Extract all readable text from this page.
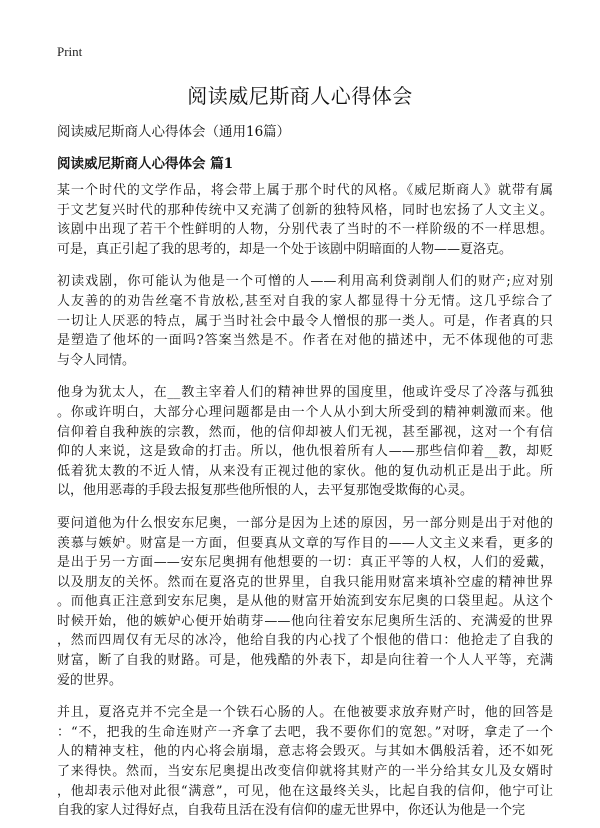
Print
阅读威尼斯商人心得体会
阅读威尼斯商人心得体会（通用16篇）
阅读威尼斯商人心得体会 篇1

某一个时代的文学作品，将会带上属于那个时代的风格。《威尼斯商人》就带有属
于文艺复兴时代的那种传统中又充满了创新的独特风格，同时也宏扬了人文主义。
该剧中出现了若干个性鲜明的人物，分别代表了当时的不一样阶级的不一样思想。
可是，真正引起了我的思考的，却是一个处于该剧中阴暗面的人物——夏洛克。

初读戏剧，你可能认为他是一个可憎的人——利用高利贷剥削人们的财产;应对别
人友善的的劝告丝毫不肯放松,甚至对自我的家人都显得十分无情。这几乎综合了
一切让人厌恶的特点，属于当时社会中最令人憎恨的那一类人。可是，作者真的只
是塑造了他坏的一面吗?答案当然是不。作者在对他的描述中，无不体现他的可悲
与令人同情。

他身为犹太人，在__教主宰着人们的精神世界的国度里，他或许受尽了冷落与孤独
。你或许明白，大部分心理问题都是由一个人从小到大所受到的精神刺激而来。他
信仰着自我种族的宗教，然而，他的信仰却被人们无视，甚至鄙视，这对一个有信
仰的人来说，这是致命的打击。所以，他仇恨着所有人——那些信仰着__教，却贬
低着犹太教的不近人情，从来没有正视过他的家伙。他的复仇动机正是出于此。所
以，他用恶毒的手段去报复那些他所恨的人，去平复那饱受欺侮的心灵。

要问道他为什么恨安东尼奥，一部分是因为上述的原因，另一部分则是出于对他的
羡慕与嫉妒。财富是一方面，但要真从文章的写作目的——人文主义来看，更多的
是出于另一方面——安东尼奥拥有他想要的一切：真正平等的人权，人们的爱戴，
以及朋友的关怀。然而在夏洛克的世界里，自我只能用财富来填补空虚的精神世界
。而他真正注意到安东尼奥，是从他的财富开始流到安东尼奥的口袋里起。从这个
时候开始，他的嫉妒心便开始萌芽——他向往着安东尼奥所生活的、充满爱的世界
，然而四周仅有无尽的冰冷，他给自我的内心找了个恨他的借口：他抢走了自我的
财富，断了自我的财路。可是，他残酷的外表下，却是向往着一个人人平等，充满
爱的世界。

并且，夏洛克并不完全是一个铁石心肠的人。在他被要求放弃财产时，他的回答是
：“不，把我的生命连财产一齐拿了去吧，我不要你们的宽恕。”对呀，拿走了一个
人的精神支柱，他的内心将会崩塌，意志将会毁灭。与其如木偶般活着，还不如死
了来得快。然而，当安东尼奥提出改变信仰就将其财产的一半分给其女儿及女婿时
，他却表示他对此很“满意”，可见，他在这最终关头，比起自我的信仰，他宁可让
自我的家人过得好点，自我苟且活在没有信仰的虚无世界中，你还认为他是一个完
